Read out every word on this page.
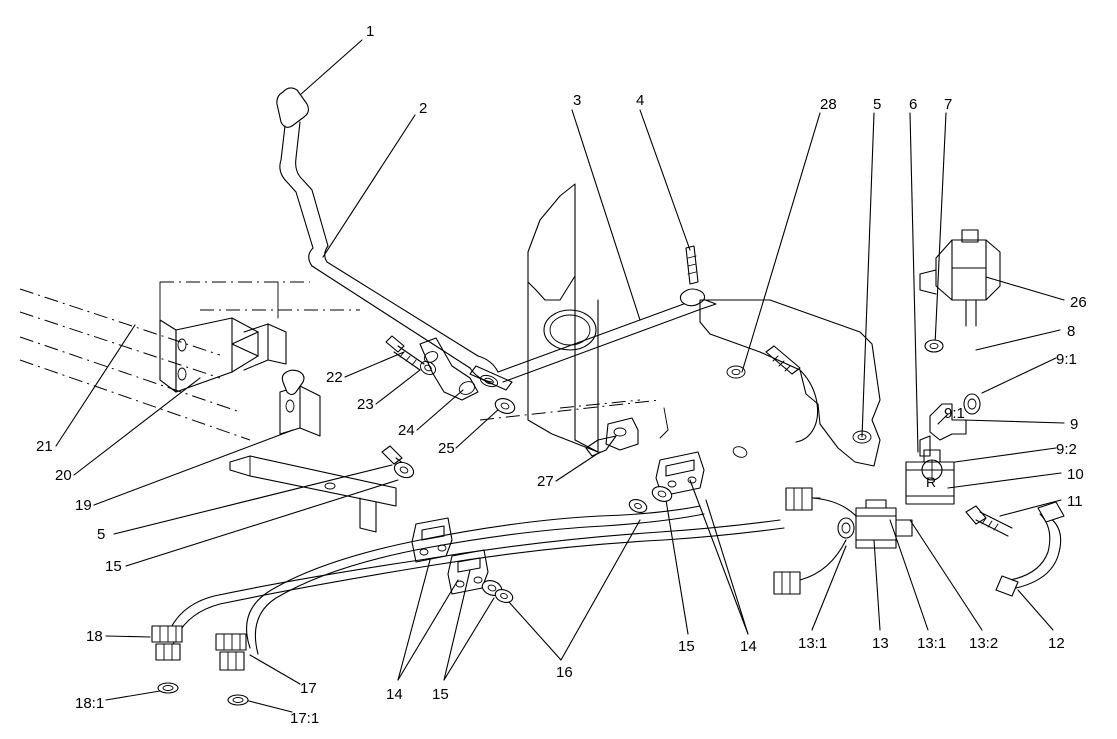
R
1
2	3	4	28 5 6 7
26
8
9:1
9:1
9
9:2
10
11
22
23
24
25
21
20
19
5
15
27
18
18:1
17
17:1
14 15
16
15	14	13:1	13 13:1 13:2	12
